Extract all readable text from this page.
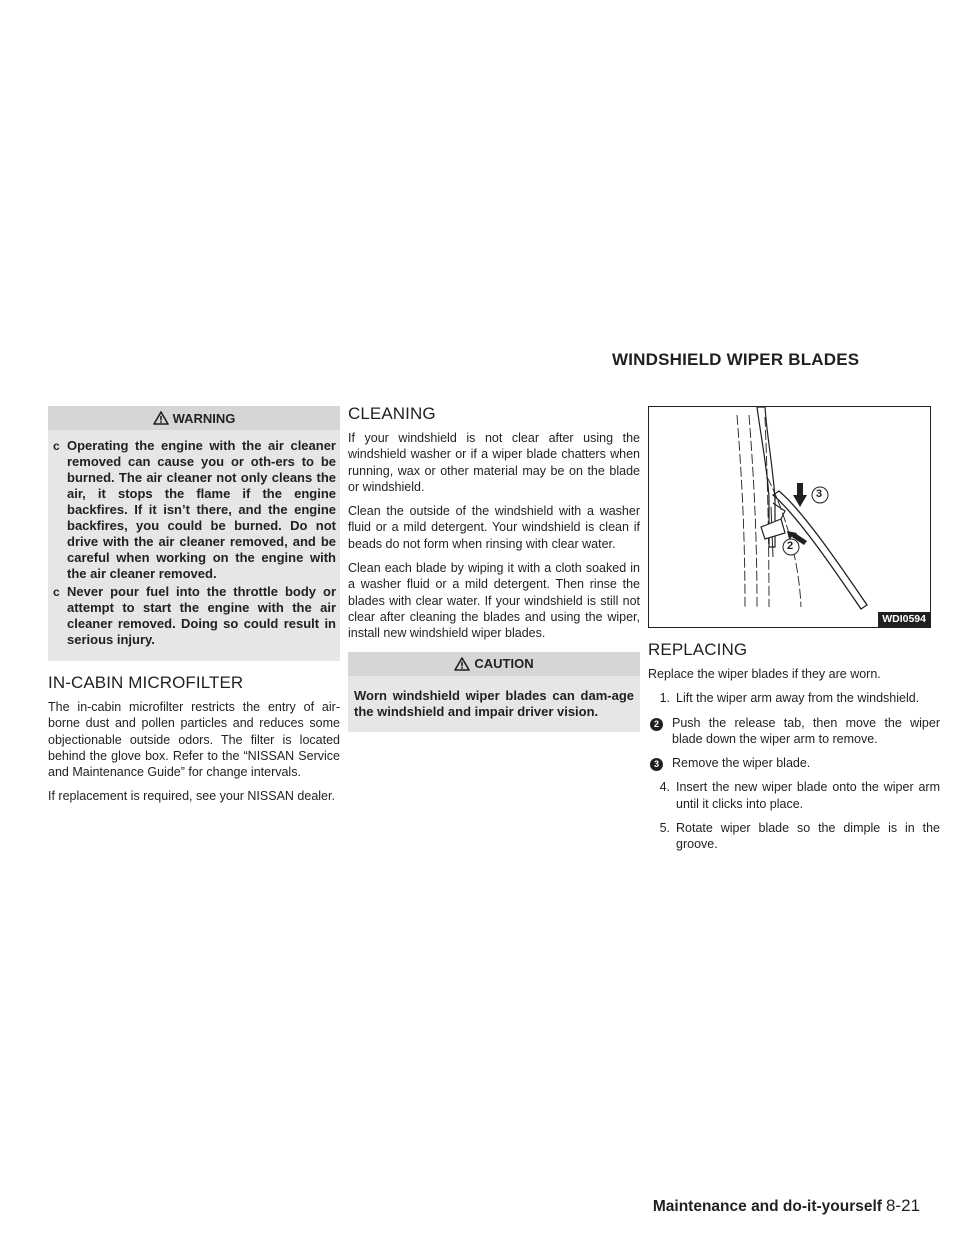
WINDSHIELD WIPER BLADES
WARNING
c Operating the engine with the air cleaner removed can cause you or oth-ers to be burned. The air cleaner not only cleans the air, it stops the flame if the engine backfires. If it isn’t there, and the engine backfires, you could be burned. Do not drive with the air cleaner removed, and be careful when working on the engine with the air cleaner removed.
c Never pour fuel into the throttle body or attempt to start the engine with the air cleaner removed. Doing so could result in serious injury.
IN-CABIN MICROFILTER

The in-cabin microfilter restricts the entry of air-borne dust and pollen particles and reduces some objectionable outside odors. The filter is located behind the glove box. Refer to the “NISSAN Service and Maintenance Guide” for change intervals.

If replacement is required, see your NISSAN dealer.

CLEANING

If your windshield is not clear after using the windshield washer or if a wiper blade chatters when running, wax or other material may be on the blade or windshield.

Clean the outside of the windshield with a washer fluid or a mild detergent. Your windshield is clean if beads do not form when rinsing with clear water.

Clean each blade by wiping it with a cloth soaked in a washer fluid or a mild detergent. Then rinse the blades with clear water. If your windshield is still not clear after cleaning the blades and using the wiper, install new windshield wiper blades.

CAUTION
Worn windshield wiper blades can dam-age the windshield and impair driver vision.
3
2
WDI0594
REPLACING

Replace the wiper blades if they are worn.

1. Lift the wiper arm away from the windshield.
2	Push the release tab, then move the wiper blade down the wiper arm to remove.
3	Remove the wiper blade.
4. Insert the new wiper blade onto the wiper arm until it clicks into place.
5. Rotate wiper blade so the dimple is in the groove.
Maintenance and do-it-yourself 8-21
